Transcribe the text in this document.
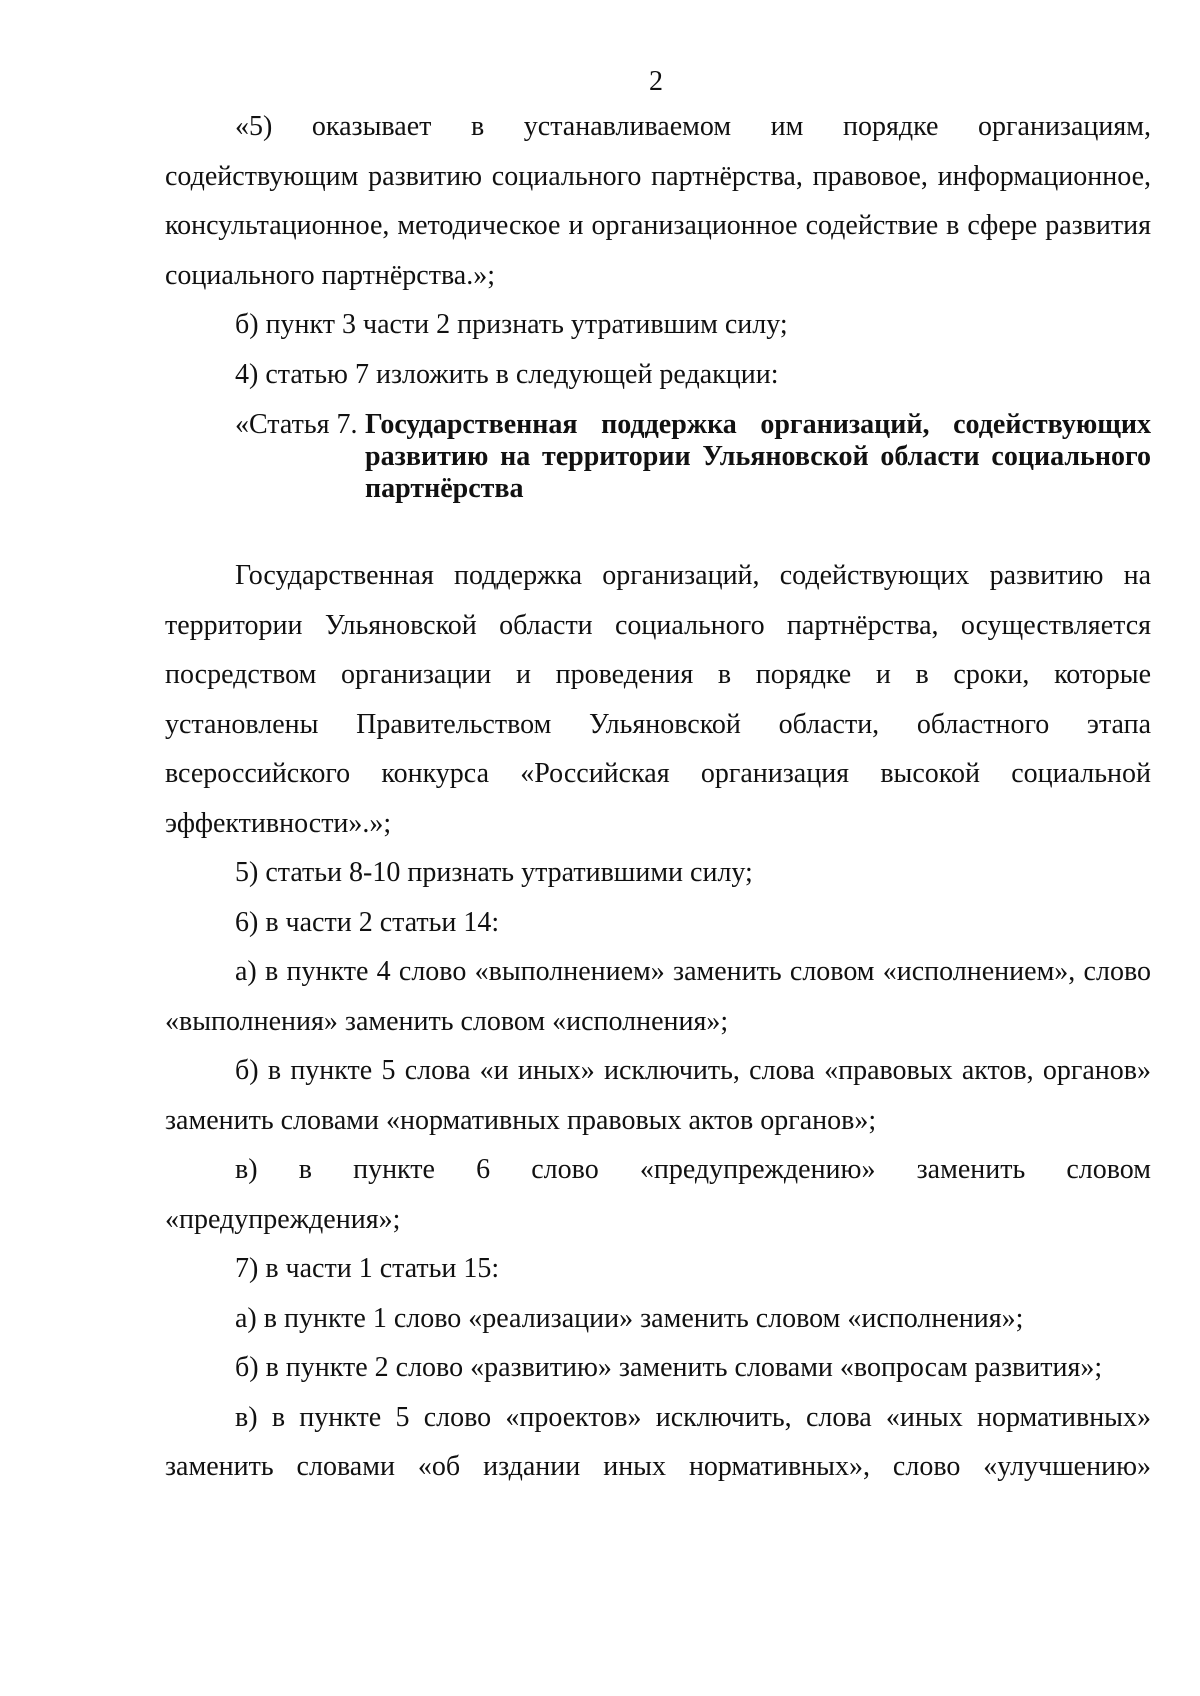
2

«5) оказывает в устанавливаемом им порядке организациям, содействующим развитию социального партнёрства, правовое, информационное, консультационное, методическое и организационное содействие в сфере развития социального партнёрства.»;

б) пункт 3 части 2 признать утратившим силу;

4) статью 7 изложить в следующей редакции:

«Статья 7. Государственная поддержка организаций, содействующих развитию на территории Ульяновской области социального партнёрства

Государственная поддержка организаций, содействующих развитию на территории Ульяновской области социального партнёрства, осуществляется посредством организации и проведения в порядке и в сроки, которые установлены Правительством Ульяновской области, областного этапа всероссийского конкурса «Российская организация высокой социальной эффективности».»;

5) статьи 8-10 признать утратившими силу;

6) в части 2 статьи 14:

а) в пункте 4 слово «выполнением» заменить словом «исполнением», слово «выполнения» заменить словом «исполнения»;

б) в пункте 5 слова «и иных» исключить, слова «правовых актов, органов» заменить словами «нормативных правовых актов органов»;

в) в пункте 6 слово «предупреждению» заменить словом «предупреждения»;

7) в части 1 статьи 15:

а) в пункте 1 слово «реализации» заменить словом «исполнения»;

б) в пункте 2 слово «развитию» заменить словами «вопросам развития»;

в) в пункте 5 слово «проектов» исключить, слова «иных нормативных» заменить словами «об издании иных нормативных», слово «улучшению»
